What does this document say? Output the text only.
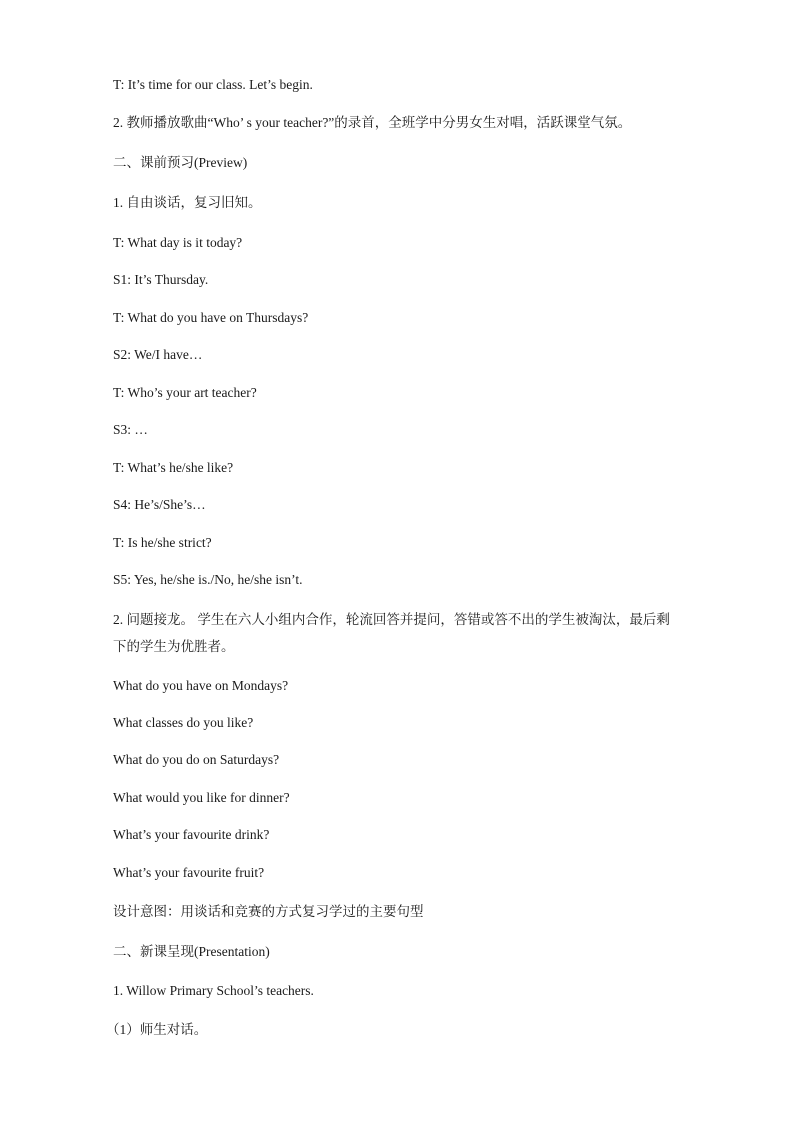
T: It’s time for our class. Let’s begin.
2. 教师播放歌曲“Who’ s your teacher?”的录首，全班学中分男女生对唱，活跃课堂气氛。
二、课前预习(Preview)
1. 自由谈话，复习旧知。
T: What day is it today?
S1: It’s Thursday.
T: What do you have on Thursdays?
S2: We/I have…
T: Who’s your art teacher?
S3: …
T: What’s he/she like?
S4: He’s/She’s…
T: Is he/she strict?
S5: Yes, he/she is./No, he/she isn’t.
2. 问题接龙。 学生在六人小组内合作，轮流回答并提问，答错或答不出的学生被淘汰，最后剩下的学生为优胜者。
What do you have on Mondays?
What classes do you like?
What do you do on Saturdays?
What would you like for dinner?
What’s your favourite drink?
What’s your favourite fruit?
设计意图：用谈话和竞赛的方式复习学过的主要句型
二、新课呈现(Presentation)
1. Willow Primary School’s teachers.
（1）师生对话。
